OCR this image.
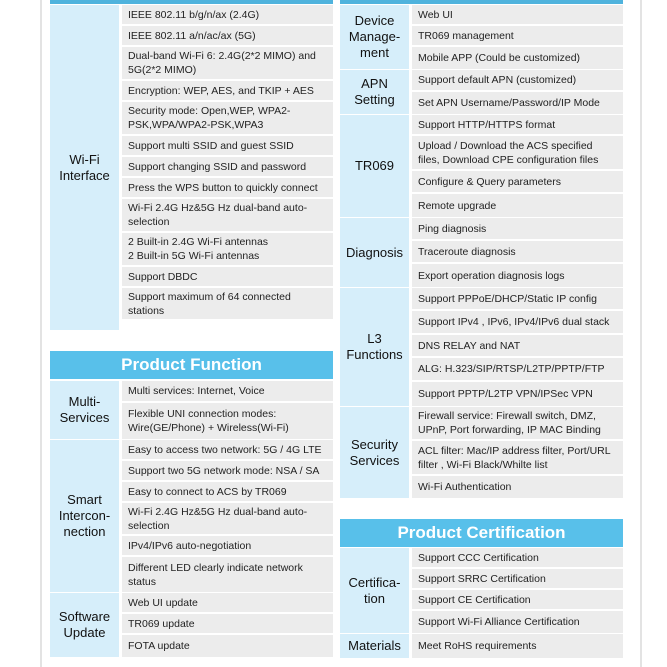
Wi-Fi Interface
IEEE 802.11 b/g/n/ax (2.4G)
IEEE 802.11 a/n/ac/ax (5G)
Dual-band Wi-Fi 6: 2.4G(2*2 MIMO) and 5G(2*2 MIMO)
Encryption: WEP, AES, and TKIP + AES
Security mode: Open,WEP, WPA2-PSK,WPA/WPA2-PSK,WPA3
Support multi SSID and guest SSID
Support changing SSID and password
Press the WPS button to quickly connect
Wi-Fi 2.4G Hz&5G Hz dual-band auto-selection
2 Built-in 2.4G Wi-Fi antennas
2 Built-in 5G Wi-Fi antennas
Support DBDC
Support maximum of 64 connected stations
Product Function
Multi-Services
Multi services: Internet, Voice
Flexible UNI connection modes: Wire(GE/Phone) + Wireless(Wi-Fi)
Smart Intercon-nection
Easy to access two network: 5G / 4G LTE
Support two 5G network mode: NSA / SA
Easy to connect to ACS by TR069
Wi-Fi 2.4G Hz&5G Hz dual-band auto-selection
IPv4/IPv6 auto-negotiation
Different LED clearly indicate network status
Software Update
Web UI update
TR069 update
FOTA update
Device Manage-ment
Web UI
TR069 management
Mobile APP (Could be customized)
APN Setting
Support default APN (customized)
Set APN Username/Password/IP Mode
TR069
Support HTTP/HTTPS format
Upload / Download the ACS specified files, Download CPE configuration files
Configure & Query parameters
Remote upgrade
Diagnosis
Ping diagnosis
Traceroute diagnosis
Export operation diagnosis logs
L3 Functions
Support PPPoE/DHCP/Static IP config
Support IPv4 , IPv6, IPv4/IPv6 dual stack
DNS RELAY and NAT
ALG: H.323/SIP/RTSP/L2TP/PPTP/FTP
Support PPTP/L2TP VPN/IPSec VPN
Security Services
Firewall service: Firewall switch, DMZ, UPnP, Port forwarding, IP MAC Binding
ACL filter: Mac/IP address filter, Port/URL filter , Wi-Fi Black/Whilte list
Wi-Fi Authentication
Product Certification
Certifica-tion
Support CCC Certification
Support SRRC Certification
Support CE Certification
Support Wi-Fi Alliance Certification
Materials	Meet RoHS requirements
